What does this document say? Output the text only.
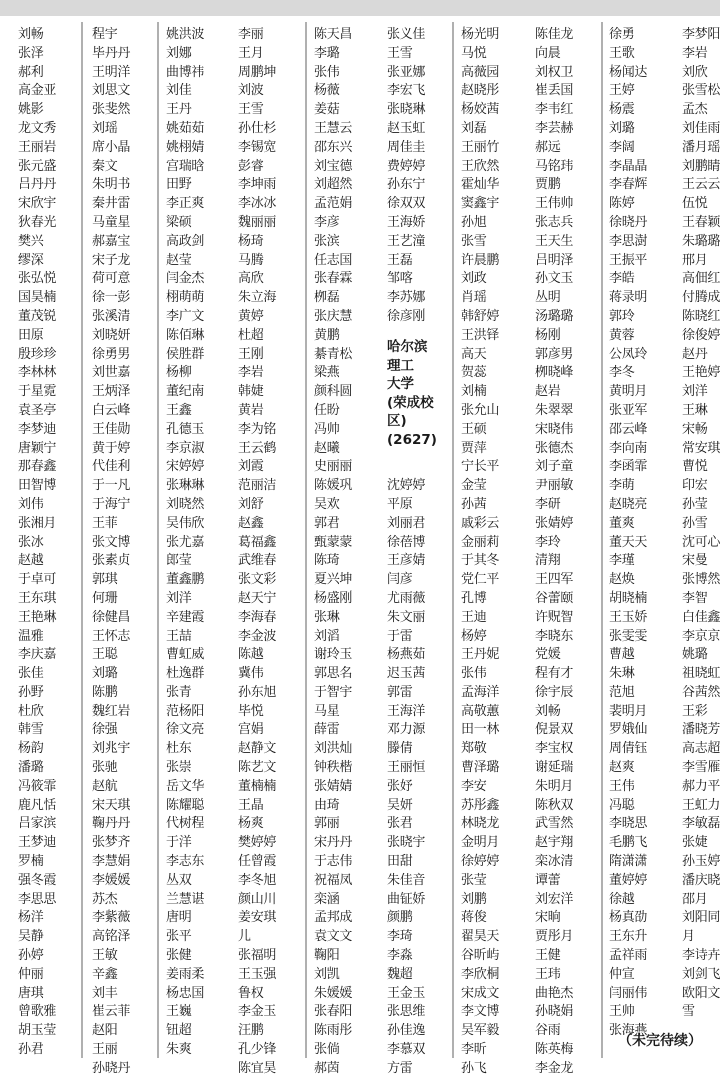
刘畅
张泽
郝利
高金亚
姚影
龙文秀
王丽岩
张元盛
吕丹丹
宋欣宇
狄春光
樊兴
缪深
张弘悦
国昊楠
董茂锐
田原
殷珍珍
李林林
于星霓
袁圣亭
李梦迪
唐颖宁
那春鑫
田智博
刘伟
张湘月
张冰
赵越
于卓可
王东琪
王艳琳
温雅
李庆嘉
张佳
孙野
杜欣
韩雪
杨韵
潘璐
冯筱霏
鹿凡恬
吕家滨
王梦迪
罗楠
强冬霞
李思思
杨洋
吴静
孙婷
仲丽
唐琪
曾歌雅
胡玉莹
孙君
程宇
毕丹丹
王明洋
刘思文
张斐然
刘瑶
席小晶
秦文
朱明书
秦井雷
马童星
郝嘉宝
宋子龙
荷可意
徐一彭
张溪清
刘晓妍
徐勇男
刘世嘉
王炳泽
白云峰
王佳勋
黄于婷
代佳利
于一凡
于海宁
王菲
张文博
张素贞
郭琪
何珊
徐健昌
王怀志
王聪
刘璐
陈鹏
魏红岩
徐强
刘兆宇
张驰
赵航
宋天琪
鞠丹丹
张梦齐
李慧娟
李媛媛
苏杰
李紫薇
高铭泽
王敏
辛鑫
刘丰
崔云菲
赵阳
王丽
孙晓丹
姚洪波
刘娜
曲博祎
刘佳
王丹
姚茹茹
姚栩婧
宫瑞晗
田野
李正爽
梁硕
高政剑
赵莹
闫金杰
栩萌萌
李广文
陈佰琳
侯胜群
杨柳
董纪南
王鑫
孔德玉
李京淑
宋婷婷
张琳琳
刘晓然
吴伟欣
张尤嘉
郎莹
董鑫鹏
刘洋
辛建霞
王喆
曹虹威
杜逸群
张青
范杨阳
徐文亮
杜东
张崇
岳文华
陈耀聪
代树程
于洋
李志东
丛双
兰慧谌
唐明
张平
张健
姜雨柔
杨忠国
王巍
钮超
朱爽
李丽
王月
周鹏坤
刘波
王雪
孙仕杉
李锡宽
彭睿
李坤雨
李冰冰
魏丽丽
杨琦
马腾
高欣
朱立海
黄婷
杜超
王刚
李岩
韩婕
黄岩
李为铭
王云鹤
刘霞
范丽洁
刘舒
赵鑫
葛福鑫
武维春
张文彩
赵天宁
李海春
李金波
陈越
冀伟
孙东旭
毕悦
宫娟
赵静文
陈艺文
董楠楠
王晶
杨爽
樊婷婷
任曾霞
李冬旭
颜山川
姜安琪
儿
张福明
王玉强
鲁权
李金玉
汪鹏
孔少锋
陈宜昊
陈天昌
李璐
张伟
杨薇
姜菇
王慧云
邵东兴
刘宝德
刘超然
孟范娟
李彦
张滨
任志国
张春霖
栁磊
张庆慧
黄鹏
綦青松
梁燕
颜科圆
任盼
冯帅
赵曦
史丽丽
陈媛巩
吴欢
郭君
甄蒙蒙
陈琦
夏兴坤
杨盛刚
张琳
刘滔
谢玲玉
郭思名
于智宇
马星
薛雷
刘洪灿
钟秩楷
张婧婧
由琦
郭丽
宋丹丹
于志伟
祝福凤
栾涵
孟邦成
袁文文
鞠阳
刘凯
朱媛媛
张春阳
陈雨彤
张倘
郝茵
张义佳
王雪
张亚娜
李宏飞
张晓琳
赵玉虹
周佳圭
费婷婷
孙东宁
徐双双
王海娇
王艺潼
王磊
邹喀
李苏娜
徐彦刚
沈婷婷
平原
刘丽君
徐蓓博
王彦婧
闫彦
尤雨薇
朱文丽
于雷
杨燕茹
迟玉茜
郭雷
王海洋
邓力源
滕倩
王丽恒
张妤
吴妍
张君
张晓宇
田甜
朱佳音
曲钲娇
颜鹏
李琦
李淼
魏超
王金玉
张思维
孙佳逸
李慕双
方雷
杨光明
马悦
高薇园
赵晓彤
杨姣茜
刘磊
王丽竹
王欣然
霍灿华
窦鑫宇
孙旭
张雪
许晨鹏
刘政
肖瑶
韩舒婷
王洪铎
高天
贺蕊
刘楠
张允山
王硕
贾萍
宁长平
金莹
孙茜
戚彩云
金丽莉
于其冬
党仁平
孔博
王迪
杨婷
王丹妮
张伟
孟海洋
高敬蕙
田一林
郑敬
曹泽璐
李安
苏彤鑫
林晓龙
金明月
徐婷婷
张莹
刘鹏
蒋俊
翟昊天
谷昕屿
李欣桐
宋成文
李文博
吴军毅
李昕
孙飞
陈佳龙
向晨
刘权卫
崔丢国
李韦红
李芸赫
郝远
马铭玮
贾鹏
王伟帅
张志兵
王天生
吕明泽
孙文玉
丛明
汤璐璐
杨刚
郭彦男
栁晓峰
赵岩
朱翠翠
宋晓伟
张德杰
刘子童
尹丽敏
李研
张婧婷
李玲
清翔
王四军
谷蕾颐
许贶智
李晓东
党媛
程有才
徐宇辰
刘畅
倪景双
李宝权
谢延瑞
朱明月
陈秋双
武雪然
赵宇翔
栾冰清
谭蕾
刘宏洋
宋晌
贾彤月
王健
王玮
曲艳杰
孙晓娟
谷雨
陈英梅
李金龙
徐勇
王歌
杨闻达
王婷
杨震
刘璐
李阔
李晶晶
李春辉
陈婷
徐晓丹
李思澍
王振平
李皓
蒋录明
郭玲
黄蓉
公凤玲
李冬
黄明月
张亚军
邵云峰
李向南
李函霏
李萌
赵晓亮
董爽
董天天
李瑾
赵焕
胡晓楠
王玉娇
张雯雯
曹越
朱琳
范旭
裴明月
罗娥仙
周倩钰
赵爽
王伟
冯聪
李晓思
毛鹏飞
隋潇潇
董婷婷
徐越
杨真劭
王东升
孟祥雨
仲宣
闫丽伟
王帅
张海燕
李梦阳
李岩
刘欣
张雪松
孟杰
刘佳雨
潘月瑶
刘鹏睛
王云云
伍悦
王春颖
朱璐璐
邢月
高佃红
付腾成
陈晓红
徐俊婷
赵丹
王艳婷
刘洋
王琳
宋畅
常安琪
曹悦
印宏
孙莹
孙雪
沈可心
宋曼
张博然
李智
白佳鑫
李京京
姚璐
祖晓虹
谷茜然
王彩
潘晓芳
高志超
李雪雁
郝力平
王虹力
李敏磊
张婕
孙玉婷
潘庆晓
邵月
刘阳同
月
李诗卉
刘剑飞
欧阳文
雪
哈尔滨
理工
大学
(荣成校
区)
(2627)
（未完待续）
